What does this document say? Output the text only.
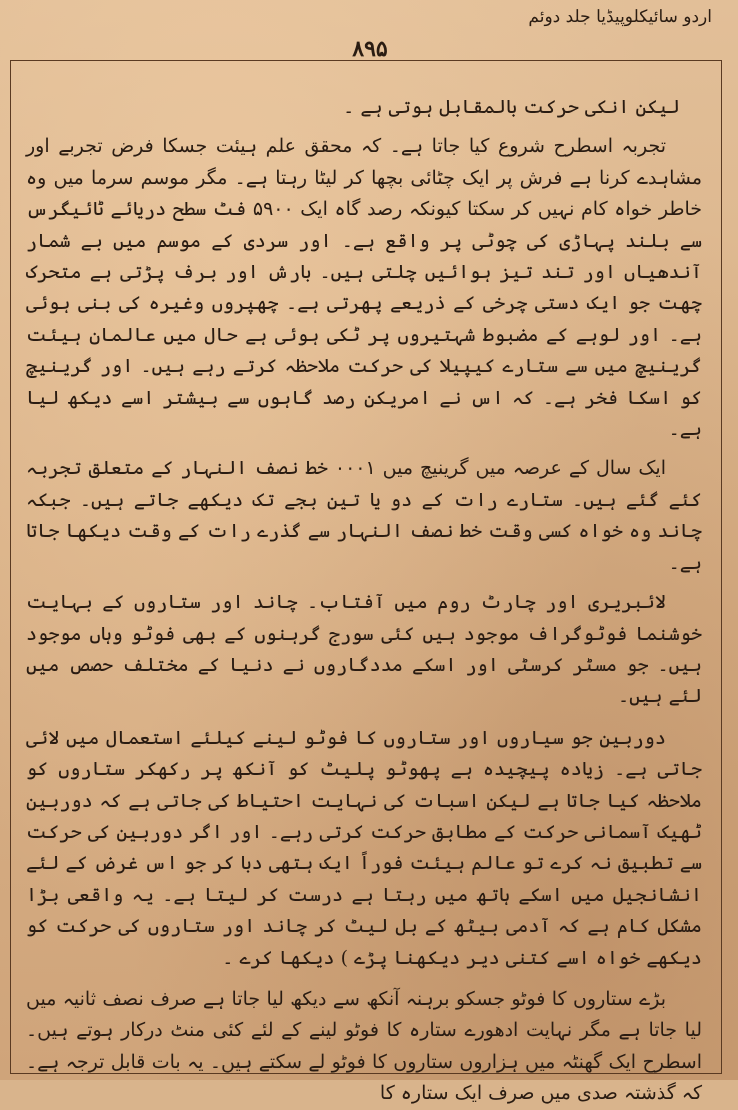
اردو سائیکلوپیڈیا جلد دوئم
۸۹۵

لیکن انکی حرکت بالمقابل ہوتی ہے ۔

تجربہ اسطرح شروع کیا جاتا ہے۔ کہ محقق علم ہیئت جسکا فرض تجربے اور مشاہدے کرنا ہے فرش پر ایک چٹائی بچھا کر لیٹا رہتا ہے۔ مگر موسم سرما میں وہ خاطر خواہ کام نہیں کر سکتا کیونکہ رصد گاہ ایک ۵۹۰۰ فٹ سطح دریائے ٹائیگرس سے بلند پہاڑی کی چوٹی پر واقع ہے۔ اور سردی کے موسم میں بے شمار آندھیاں اور تند تیز ہوائیں چلتی ہیں۔ بارش اور برف پڑتی ہے متحرک چھت جو ایک دستی چرخی کے ذریعے پھرتی ہے۔ چھپروں وغیرہ کی بنی ہوئی ہے۔ اور لوہے کے مضبوط شہتیروں پر ٹکی ہوئی ہے حال میں عالمان ہیئت گرینیچ میں سے ستارے کیپیلا کی حرکت ملاحظہ کرتے رہے ہیں۔ اور گرینیچ کو اسکا فخر ہے۔ کہ اس نے امریکن رصد گاہوں سے بیشتر اسے دیکھ لیا ہے۔

ایک سال کے عرصہ میں گرینیچ میں ۰۰۰۱ خط نصف النہار کے متعلق تجربہ کئے گئے ہیں۔ ستارے رات کے دو یا تین بجے تک دیکھے جاتے ہیں۔ جبکہ چاند وہ خواہ کسی وقت خط نصف النہار سے گذرے رات کے وقت دیکھا جاتا ہے۔

لائبریری اور چارٹ روم میں آفتاب۔ چاند اور ستاروں کے بہایت خوشنما فوٹوگراف موجود ہیں کئی سورج گرہنوں کے بھی فوٹو وہاں موجود ہیں۔ جو مسٹر کرسٹی اور اسکے مددگاروں نے دنیا کے مختلف حصص میں لئے ہیں۔

دوربین جو سیاروں اور ستاروں کا فوٹو لینے کیلئے استعمال میں لائی جاتی ہے۔ زیادہ پیچیدہ ہے پھوٹو پلیٹ کو آنکھ پر رکھکر ستاروں کو ملاحظہ کیا جاتا ہے لیکن اسبات کی نہایت احتیاط کی جاتی ہے کہ دوربین ٹھیک آسمانی حرکت کے مطابق حرکت کرتی رہے۔ اور اگر دوربین کی حرکت سے تطبیق نہ کرے تو عالم ہیئت فوراً ایک ہتھی دبا کر جو اس غرض کے لئے انشانجیل میں اسکے ہاتھ میں رہتا ہے درست کر لیتا ہے۔ یہ واقعی بڑا مشکل کام ہے کہ آدمی بیٹھ کے بل لیٹ کر چاند اور ستاروں کی حرکت کو دیکھے خواہ اسے کتنی دیر دیکھنا پڑے ) دیکھا کرے ۔

بڑے ستاروں کا فوٹو جسکو برہنہ آنکھ سے دیکھ لیا جاتا ہے صرف نصف ثانیہ میں لیا جاتا ہے مگر نہایت ادھورے ستارہ کا فوٹو لینے کے لئے کئی منٹ درکار ہوتے ہیں۔ اسطرح ایک گھنٹہ میں ہزاروں ستاروں کا فوٹو لے سکتے ہیں۔ یہ بات قابل ترجہ ہے۔ کہ گذشتہ صدی میں صرف ایک ستارہ کا
